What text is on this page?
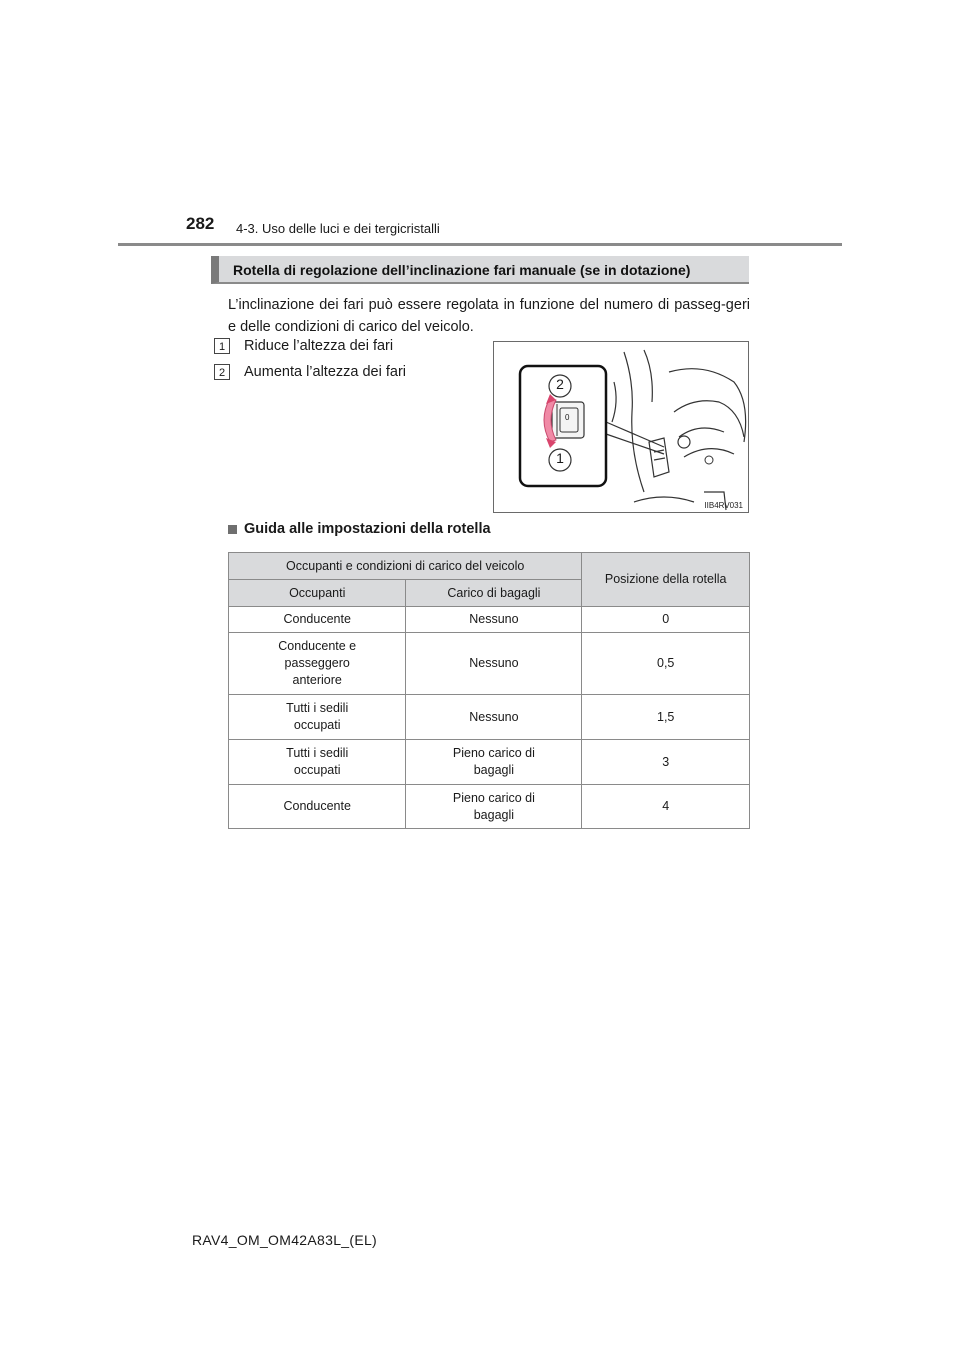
282 4-3. Uso delle luci e dei tergicristalli
Rotella di regolazione dell’inclinazione fari manuale (se in dotazione)
L’inclinazione dei fari può essere regolata in funzione del numero di passeg-geri e delle condizioni di carico del veicolo.
1	Riduce l’altezza dei fari
2	Aumenta l’altezza dei fari
2
1
0
IIB4RV031
Guida alle impostazioni della rotella
Occupanti e condizioni di carico del veicolo		Posizione della rotella
Occupanti	Carico di bagagli	
Conducente	Nessuno	0
Conducente e passeggero anteriore	Nessuno	0,5
Tutti i sedili occupati	Nessuno	1,5
Tutti i sedili occupati	Pieno carico di bagagli	3
Conducente	Pieno carico di bagagli	4
RAV4_OM_OM42A83L_(EL)
